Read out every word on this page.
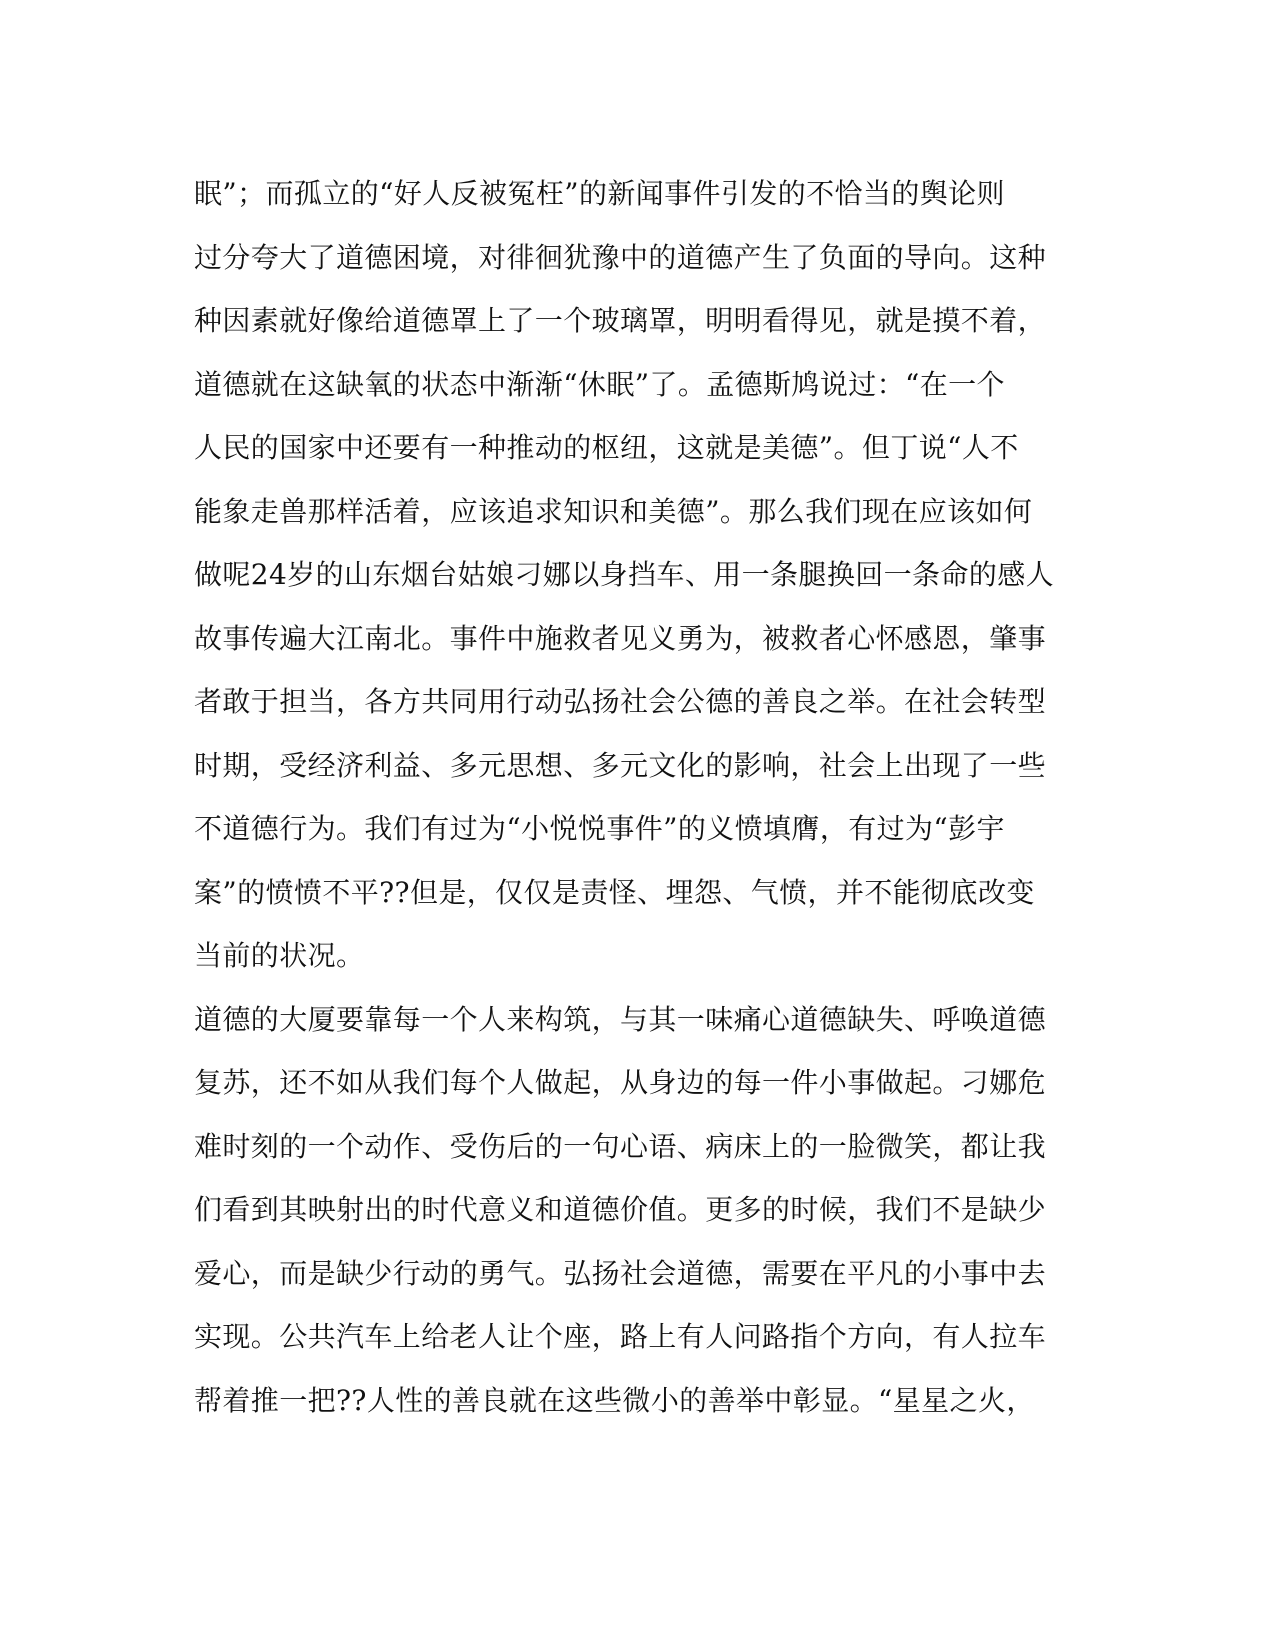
眠”；而孤立的“好人反被冤枉”的新闻事件引发的不恰当的舆论则
过分夸大了道德困境，对徘徊犹豫中的道德产生了负面的导向。这种
种因素就好像给道德罩上了一个玻璃罩，明明看得见，就是摸不着，
道德就在这缺氧的状态中渐渐“休眠”了。孟德斯鸠说过：“在一个
人民的国家中还要有一种推动的枢纽，这就是美德”。但丁说“人不
能象走兽那样活着，应该追求知识和美德”。那么我们现在应该如何
做呢24岁的山东烟台姑娘刁娜以身挡车、用一条腿换回一条命的感人
故事传遍大江南北。事件中施救者见义勇为，被救者心怀感恩，肇事
者敢于担当，各方共同用行动弘扬社会公德的善良之举。在社会转型
时期，受经济利益、多元思想、多元文化的影响，社会上出现了一些
不道德行为。我们有过为“小悦悦事件”的义愤填膺，有过为“彭宇
案”的愤愤不平??但是，仅仅是责怪、埋怨、气愤，并不能彻底改变
当前的状况。
道德的大厦要靠每一个人来构筑，与其一味痛心道德缺失、呼唤道德
复苏，还不如从我们每个人做起，从身边的每一件小事做起。刁娜危
难时刻的一个动作、受伤后的一句心语、病床上的一脸微笑，都让我
们看到其映射出的时代意义和道德价值。更多的时候，我们不是缺少
爱心，而是缺少行动的勇气。弘扬社会道德，需要在平凡的小事中去
实现。公共汽车上给老人让个座，路上有人问路指个方向，有人拉车
帮着推一把??人性的善良就在这些微小的善举中彰显。“星星之火，
